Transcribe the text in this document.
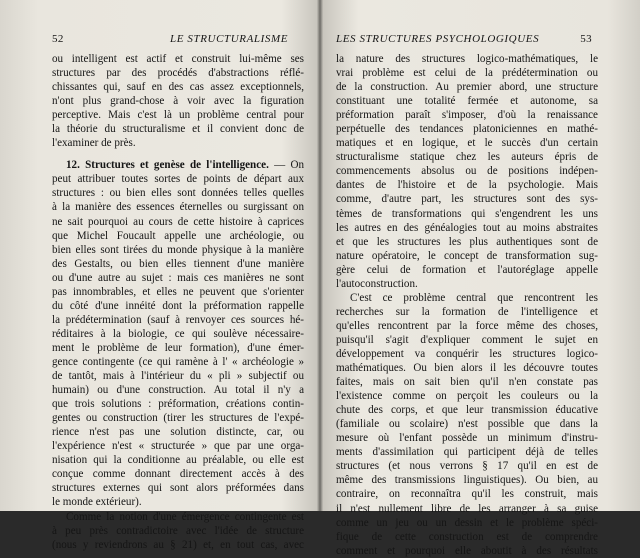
52	LE STRUCTURALISME
ou intelligent est actif et construit lui-même ses
structures par des procédés d'abstractions réflé-
chissantes qui, sauf en des cas assez exceptionnels,
n'ont plus grand-chose à voir avec la figuration
perceptive. Mais c'est là un problème central pour
la théorie du structuralisme et il convient donc de
l'examiner de près.
12. Structures et genèse de l'intelligence. — On
peut attribuer toutes sortes de points de départ aux
structures : ou bien elles sont données telles quelles
à la manière des essences éternelles ou surgissant on
ne sait pourquoi au cours de cette histoire à caprices
que Michel Foucault appelle une archéologie, ou
bien elles sont tirées du monde physique à la manière
des Gestalts, ou bien elles tiennent d'une manière
ou d'une autre au sujet : mais ces manières ne sont
pas innombrables, et elles ne peuvent que s'orienter
du côté d'une innéité dont la préformation rappelle
la prédétermination (sauf à renvoyer ces sources hé-
réditaires à la biologie, ce qui soulève nécessaire-
ment le problème de leur formation), d'une émer-
gence contingente (ce qui ramène à l' « archéologie »
de tantôt, mais à l'intérieur du « pli » subjectif ou
humain) ou d'une construction. Au total il n'y a
que trois solutions : préformation, créations contin-
gentes ou construction (tirer les structures de l'expé-
rience n'est pas une solution distincte, car, ou
l'expérience n'est « structurée » que par une orga-
nisation qui la conditionne au préalable, ou elle est
conçue comme donnant directement accès à des
structures externes qui sont alors préformées dans
le monde extérieur).
Comme la notion d'une émergence contingente est
à peu près contradictoire avec l'idée de structure
(nous y reviendrons au § 21) et, en tout cas, avec
LES STRUCTURES PSYCHOLOGIQUES	53
la nature des structures logico-mathématiques, le
vrai problème est celui de la prédétermination ou
de la construction. Au premier abord, une structure
constituant une totalité fermée et autonome, sa
préformation paraît s'imposer, d'où la renaissance
perpétuelle des tendances platoniciennes en mathé-
matiques et en logique, et le succès d'un certain
structuralisme statique chez les auteurs épris de
commencements absolus ou de positions indépen-
dantes de l'histoire et de la psychologie. Mais
comme, d'autre part, les structures sont des sys-
tèmes de transformations qui s'engendrent les uns
les autres en des généalogies tout au moins abstraites
et que les structures les plus authentiques sont de
nature opératoire, le concept de transformation sug-
gère celui de formation et l'autoréglage appelle
l'autoconstruction.
C'est ce problème central que rencontrent les
recherches sur la formation de l'intelligence et
qu'elles rencontrent par la force même des choses,
puisqu'il s'agit d'expliquer comment le sujet en
développement va conquérir les structures logico-
mathématiques. Ou bien alors il les découvre toutes
faites, mais on sait bien qu'il n'en constate pas
l'existence comme on perçoit les couleurs ou la
chute des corps, et que leur transmission éducative
(familiale ou scolaire) n'est possible que dans la
mesure où l'enfant possède un minimum d'instru-
ments d'assimilation qui participent déjà de telles
structures (et nous verrons § 17 qu'il en est de
même des transmissions linguistiques). Ou bien, au
contraire, on reconnaîtra qu'il les construit, mais
il n'est nullement libre de les arranger à sa guise
comme un jeu ou un dessin et le problème spéci-
fique de cette construction est de comprendre
comment et pourquoi elle aboutit à des résultats
